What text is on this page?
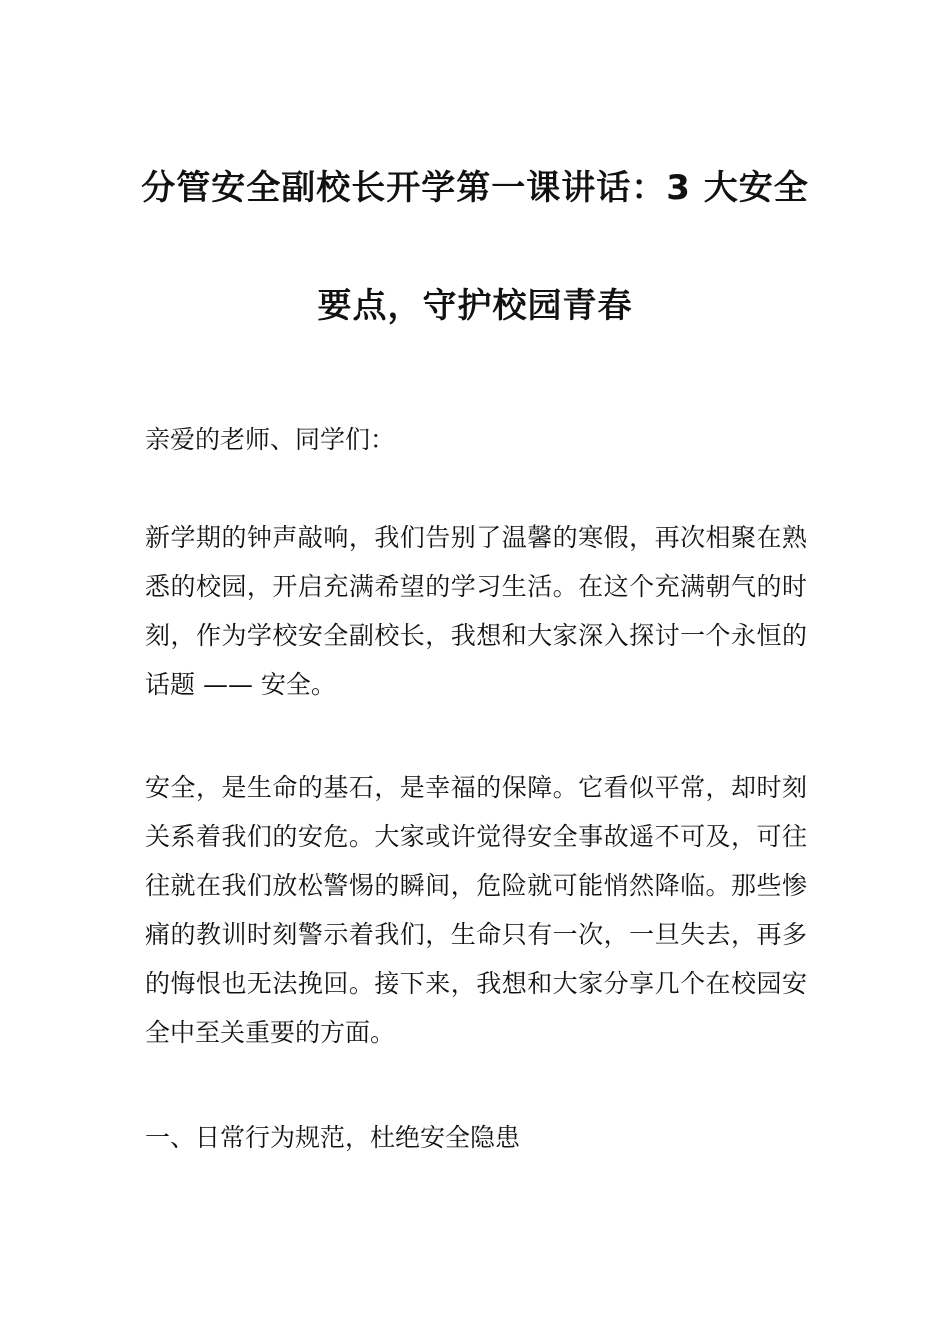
分管安全副校长开学第一课讲话：3 大安全
要点，守护校园青春
亲爱的老师、同学们：
新学期的钟声敲响，我们告别了温馨的寒假，再次相聚在熟悉的校园，开启充满希望的学习生活。在这个充满朝气的时刻，作为学校安全副校长，我想和大家深入探讨一个永恒的话题 —— 安全。
安全，是生命的基石，是幸福的保障。它看似平常，却时刻关系着我们的安危。大家或许觉得安全事故遥不可及，可往往就在我们放松警惕的瞬间，危险就可能悄然降临。那些惨痛的教训时刻警示着我们，生命只有一次，一旦失去，再多的悔恨也无法挽回。接下来，我想和大家分享几个在校园安全中至关重要的方面。
一、日常行为规范，杜绝安全隐患
